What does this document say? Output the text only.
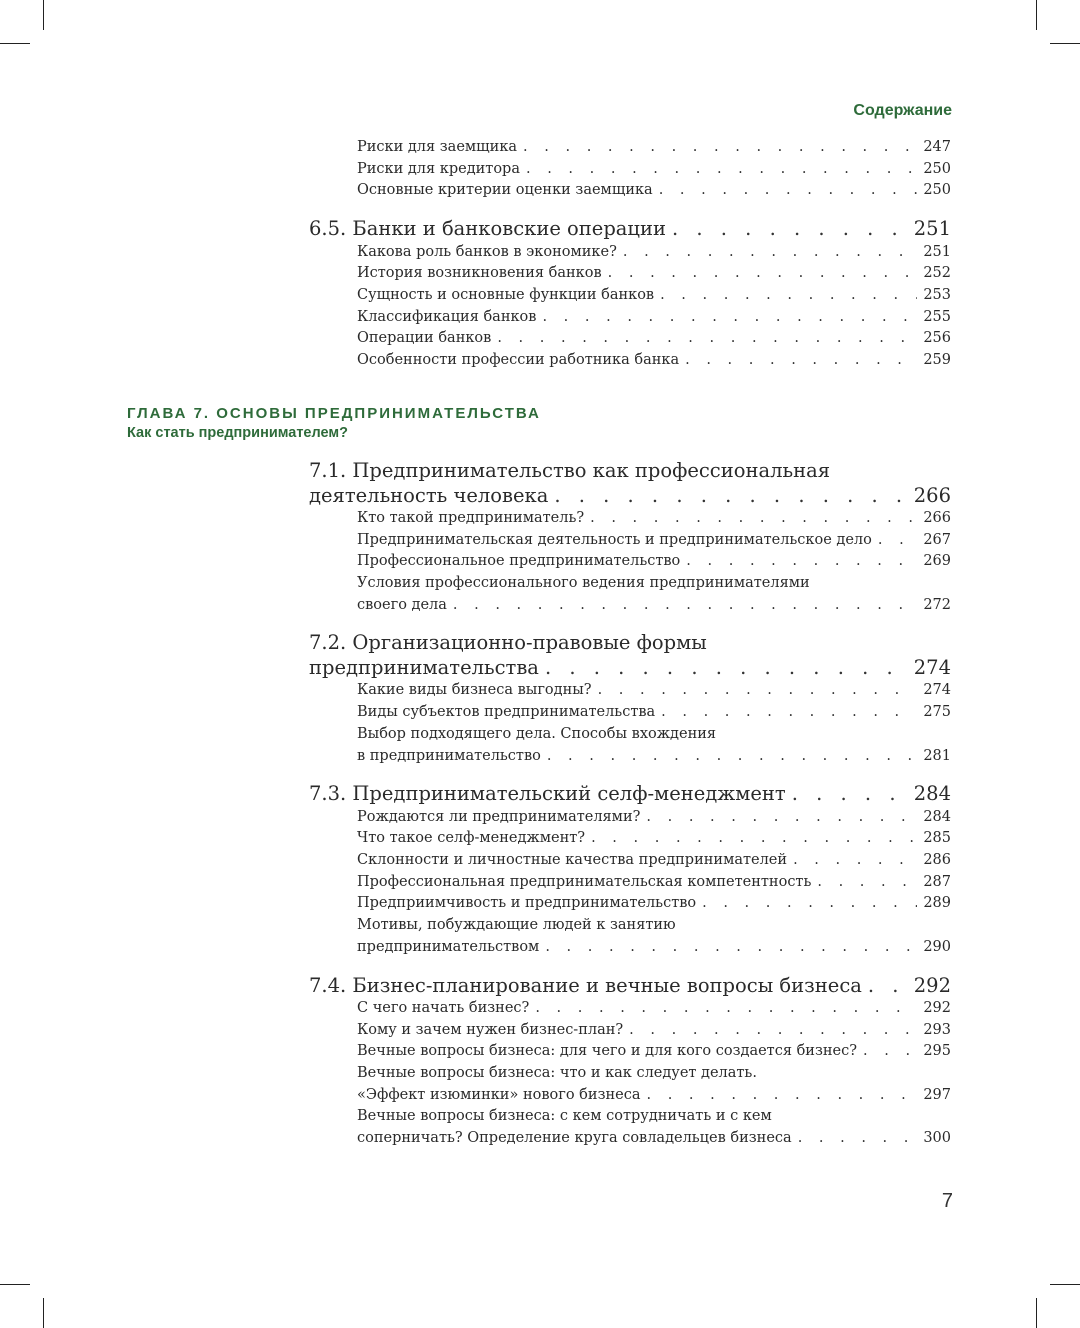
Содержание
Риски для заемщика . . .	247
Риски для кредитора . . .	250
Основные критерии оценки заемщика . . .	250
6.5. Банки и банковские операции . . .	251
Какова роль банков в экономике? . . .	251
История возникновения банков . . .	252
Сущность и основные функции банков . . .	253
Классификация банков . . .	255
Операции банков . . .	256
Особенности профессии работника банка . . .	259
ГЛАВА 7. ОСНОВЫ ПРЕДПРИНИМАТЕЛЬСТВА
Как стать предпринимателем?
7.1. Предпринимательство как профессиональная
деятельность человека . . .	266
Кто такой предприниматель? . . .	266
Предпринимательская деятельность и предпринимательское дело . . .	267
Профессиональное предпринимательство . . .	269
Условия профессионального ведения предпринимателями
своего дела . . .	272
7.2. Организационно-правовые формы
предпринимательства . . .	274
Какие виды бизнеса выгодны? . . .	274
Виды субъектов предпринимательства . . .	275
Выбор подходящего дела. Способы вхождения
в предпринимательство . . .	281
7.3. Предпринимательский селф-менеджмент . . .	284
Рождаются ли предпринимателями? . . .	284
Что такое селф-менеджмент? . . .	285
Склонности и личностные качества предпринимателей . . .	286
Профессиональная предпринимательская компетентность . . .	287
Предприимчивость и предпринимательство . . .	289
Мотивы, побуждающие людей к занятию
предпринимательством . . .	290
7.4. Бизнес-планирование и вечные вопросы бизнеса . . .	292
С чего начать бизнес? . . .	292
Кому и зачем нужен бизнес-план? . . .	293
Вечные вопросы бизнеса: для чего и для кого создается бизнес? . . .	295
Вечные вопросы бизнеса: что и как следует делать.
«Эффект изюминки» нового бизнеса . . .	297
Вечные вопросы бизнеса: с кем сотрудничать и с кем
соперничать? Определение круга совладельцев бизнеса . . .	300
7
